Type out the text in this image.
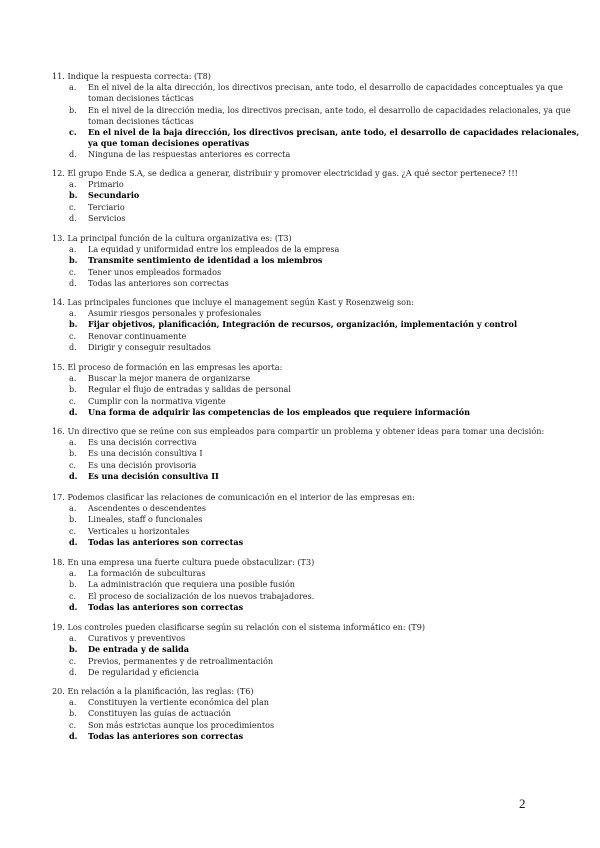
11. Indique la respuesta correcta: (T8)
a. En el nivel de la alta dirección, los directivos precisan, ante todo, el desarrollo de capacidades conceptuales ya que toman decisiones tácticas
b. En el nivel de la dirección media, los directivos precisan, ante todo, el desarrollo de capacidades relacionales, ya que toman decisiones tácticas
c. En el nivel de la baja dirección, los directivos precisan, ante todo, el desarrollo de capacidades relacionales, ya que toman decisiones operativas
d. Ninguna de las respuestas anteriores es correcta
12. El grupo Ende S.A, se dedica a generar, distribuir y promover electricidad y gas. ¿A qué sector pertenece? !!!
a. Primario
b. Secundario
c. Terciario
d. Servicios
13. La principal función de la cultura organizativa es: (T3)
a. La equidad y uniformidad entre los empleados de la empresa
b. Transmite sentimiento de identidad a los miembros
c. Tener unos empleados formados
d. Todas las anteriores son correctas
14. Las principales funciones que incluye el management según Kast y Rosenzweig son:
a. Asumir riesgos personales y profesionales
b. Fijar objetivos, planificación, Integración de recursos, organización, implementación y control
c. Renovar continuamente
d. Dirigir y conseguir resultados
15. El proceso de formación en las empresas les aporta:
a. Buscar la mejor manera de organizarse
b. Regular el flujo de entradas y salidas de personal
c. Cumplir con la normativa vigente
d. Una forma de adquirir las competencias de los empleados que requiere información
16. Un directivo que se reúne con sus empleados para compartir un problema y obtener ideas para tomar una decisión:
a. Es una decisión correctiva
b. Es una decisión consultiva I
c. Es una decisión provisoria
d. Es una decisión consultiva II
17. Podemos clasificar las relaciones de comunicación en el interior de las empresas en:
a. Ascendentes o descendentes
b. Lineales, staff o funcionales
c. Verticales u horizontales
d. Todas las anteriores son correctas
18. En una empresa una fuerte cultura puede obstaculizar: (T3)
a. La formación de subculturas
b. La administración que requiera una posible fusión
c. El proceso de socialización de los nuevos trabajadores.
d. Todas las anteriores son correctas
19. Los controles pueden clasificarse según su relación con el sistema informático en: (T9)
a. Curativos y preventivos
b. De entrada y de salida
c. Previos, permanentes y de retroalimentación
d. De regularidad y eficiencia
20. En relación a la planificación, las reglas: (T6)
a. Constituyen la vertiente económica del plan
b. Constituyen las guías de actuación
c. Son más estrictas aunque los procedimientos
d. Todas las anteriores son correctas
2
